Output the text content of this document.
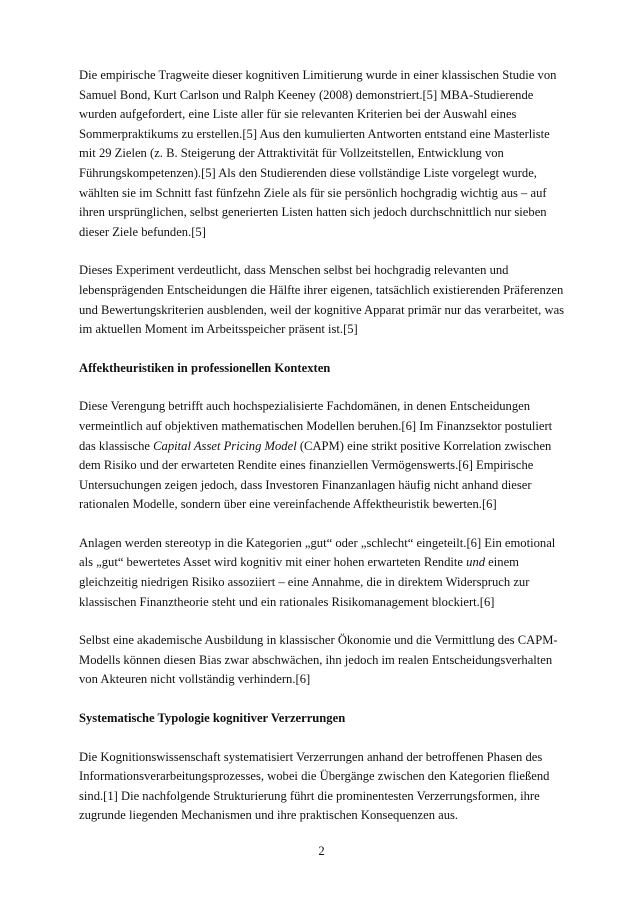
Die empirische Tragweite dieser kognitiven Limitierung wurde in einer klassischen Studie von Samuel Bond, Kurt Carlson und Ralph Keeney (2008) demonstriert.[5] MBA-Studierende wurden aufgefordert, eine Liste aller für sie relevanten Kriterien bei der Auswahl eines Sommerpraktikums zu erstellen.[5] Aus den kumulierten Antworten entstand eine Masterliste mit 29 Zielen (z. B. Steigerung der Attraktivität für Vollzeitstellen, Entwicklung von Führungskompetenzen).[5] Als den Studierenden diese vollständige Liste vorgelegt wurde, wählten sie im Schnitt fast fünfzehn Ziele als für sie persönlich hochgradig wichtig aus – auf ihren ursprünglichen, selbst generierten Listen hatten sich jedoch durchschnittlich nur sieben dieser Ziele befunden.[5]

Dieses Experiment verdeutlicht, dass Menschen selbst bei hochgradig relevanten und lebensprägenden Entscheidungen die Hälfte ihrer eigenen, tatsächlich existierenden Präferenzen und Bewertungskriterien ausblenden, weil der kognitive Apparat primär nur das verarbeitet, was im aktuellen Moment im Arbeitsspeicher präsent ist.[5]

Affektheuristiken in professionellen Kontexten

Diese Verengung betrifft auch hochspezialisierte Fachdomänen, in denen Entscheidungen vermeintlich auf objektiven mathematischen Modellen beruhen.[6] Im Finanzsektor postuliert das klassische Capital Asset Pricing Model (CAPM) eine strikt positive Korrelation zwischen dem Risiko und der erwarteten Rendite eines finanziellen Vermögenswerts.[6] Empirische Untersuchungen zeigen jedoch, dass Investoren Finanzanlagen häufig nicht anhand dieser rationalen Modelle, sondern über eine vereinfachende Affektheuristik bewerten.[6]

Anlagen werden stereotyp in die Kategorien „gut“ oder „schlecht“ eingeteilt.[6] Ein emotional als „gut“ bewertetes Asset wird kognitiv mit einer hohen erwarteten Rendite und einem gleichzeitig niedrigen Risiko assoziiert – eine Annahme, die in direktem Widerspruch zur klassischen Finanztheorie steht und ein rationales Risikomanagement blockiert.[6]

Selbst eine akademische Ausbildung in klassischer Ökonomie und die Vermittlung des CAPM-Modells können diesen Bias zwar abschwächen, ihn jedoch im realen Entscheidungsverhalten von Akteuren nicht vollständig verhindern.[6]

Systematische Typologie kognitiver Verzerrungen

Die Kognitionswissenschaft systematisiert Verzerrungen anhand der betroffenen Phasen des Informationsverarbeitungsprozesses, wobei die Übergänge zwischen den Kategorien fließend sind.[1] Die nachfolgende Strukturierung führt die prominentesten Verzerrungsformen, ihre zugrunde liegenden Mechanismen und ihre praktischen Konsequenzen aus.

2
